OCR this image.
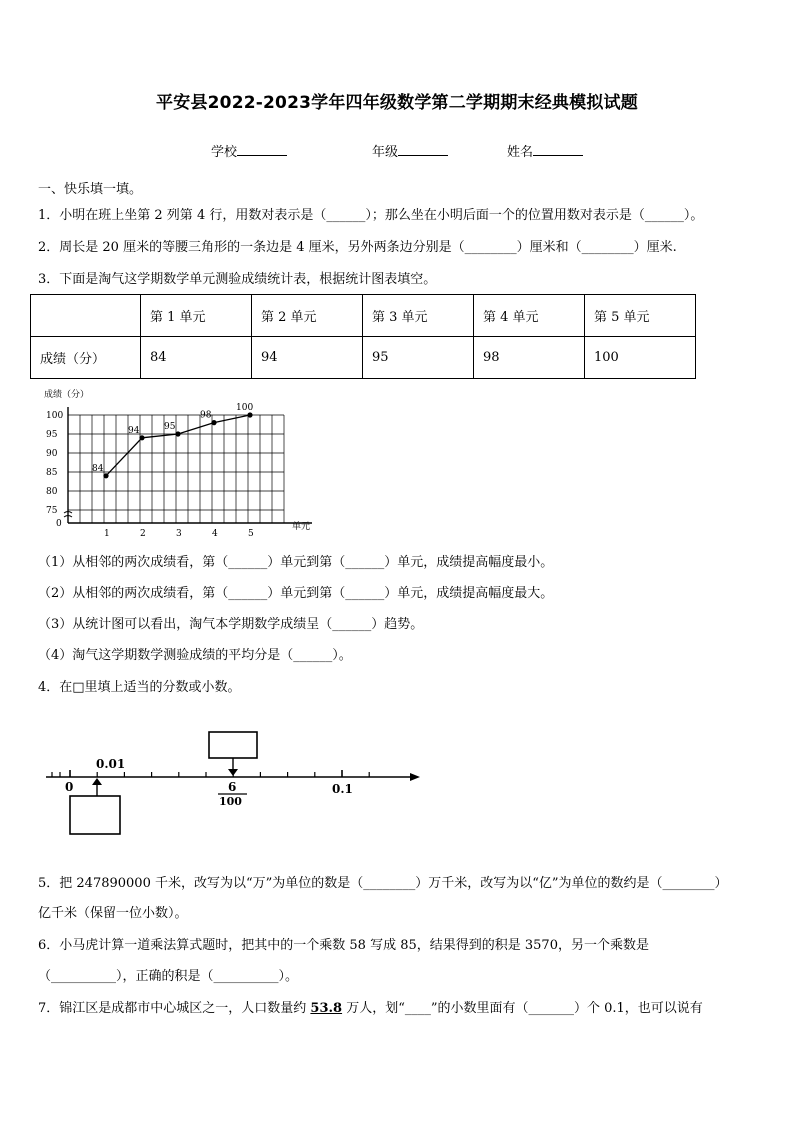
平安县2022-2023学年四年级数学第二学期期末经典模拟试题
学校	年级	姓名
一、快乐填一填。
1．小明在班上坐第 2 列第 4 行，用数对表示是（______）；那么坐在小明后面一个的位置用数对表示是（______）。
2．周长是 20 厘米的等腰三角形的一条边是 4 厘米，另外两条边分别是（________）厘米和（________）厘米.
3．下面是淘气这学期数学单元测验成绩统计表，根据统计图表填空。
	第 1 单元	第 2 单元	第 3 单元	第 4 单元	第 5 单元
成绩（分）	84	94	95	98	100
成绩（分）
单元
100
95
90
85
80
75
0
1	2	3	4	5
84
94	95
98
100
（1）从相邻的两次成绩看，第（______）单元到第（______）单元，成绩提高幅度最小。
（2）从相邻的两次成绩看，第（______）单元到第（______）单元，成绩提高幅度最大。
（3）从统计图可以看出，淘气本学期数学成绩呈（______）趋势。
（4）淘气这学期数学测验成绩的平均分是（______）。
4．在□里填上适当的分数或小数。
0.01
0	0.1
6
100
5．把 247890000 千米，改写为以“万”为单位的数是（________）万千米，改写为以“亿”为单位的数约是（________）
亿千米（保留一位小数）。
6．小马虎计算一道乘法算式题时，把其中的一个乘数 58 写成 85，结果得到的积是 3570，另一个乘数是
（__________），正确的积是（__________）。
7．锦江区是成都市中心城区之一，人口数量约 53.8 万人，划“____”的小数里面有（_______）个 0.1，也可以说有
